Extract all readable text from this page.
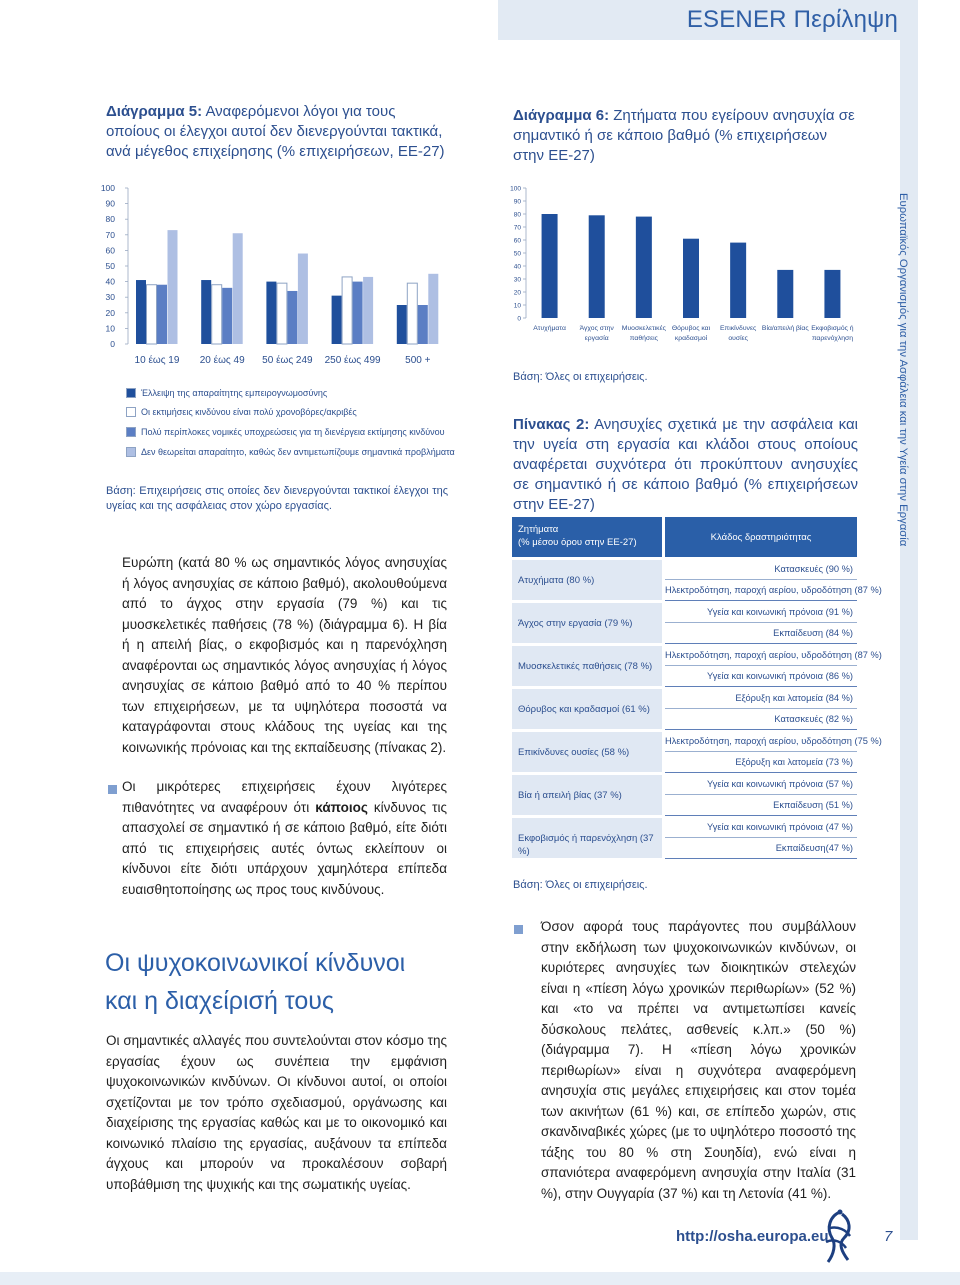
ESENER Περίληψη
Ευρωπαϊκός Οργανισμός για την Ασφάλεια και την Υγεία στην Εργασία
Διάγραμμα 5: Αναφερόμενοι λόγοι για τους οποίους οι έλεγχοι αυτοί δεν διενεργούνται τακτικά, ανά μέγεθος επιχείρησης (% επιχειρήσεων, ΕΕ-27)
100
90
80
70
60
50
40
30
20
10
0
10 έως 19 20 έως 49 50 έως 249 250 έως 499 500 +
Έλλειψη της απαραίτητης εμπειρογνωμοσύνης
Οι εκτιμήσεις κινδύνου είναι πολύ χρονοβόρες/ακριβές
Πολύ περίπλοκες νομικές υποχρεώσεις για τη διενέργεια εκτίμησης κινδύνου
Δεν θεωρείται απαραίτητο, καθώς δεν αντιμετωπίζουμε σημαντικά προβλήματα
Βάση: Επιχειρήσεις στις οποίες δεν διενεργούνται τακτικοί έλεγχοι της υγείας και της ασφάλειας στον χώρο εργασίας.
Ευρώπη (κατά 80 % ως σημαντικός λόγος ανησυχίας ή λόγος ανησυχίας σε κάποιο βαθμό), ακολουθούμενα από το άγχος στην εργασία (79 %) και τις μυοσκελετικές παθήσεις (78 %) (διάγραμμα 6). Η βία ή η απειλή βίας, ο εκφοβισμός και η παρενόχληση αναφέρονται ως σημαντικός λόγος ανησυχίας ή λόγος ανησυχίας σε κάποιο βαθμό από το 40 % περίπου των επιχειρήσεων, με τα υψηλότερα ποσοστά να καταγράφονται στους κλάδους της υγείας και της κοινωνικής πρόνοιας και της εκπαίδευσης (πίνακας 2).
Οι μικρότερες επιχειρήσεις έχουν λιγότερες πιθανότητες να αναφέρουν ότι κάποιος κίνδυνος τις απασχολεί σε σημαντικό ή σε κάποιο βαθμό, είτε διότι από τις επιχειρήσεις αυτές όντως εκλείπουν οι κίνδυνοι είτε διότι υπάρχουν χαμηλότερα επίπεδα ευαισθητοποίησης ως προς τους κινδύνους.
Οι ψυχοκοινωνικοί κίνδυνοι
και η διαχείρισή τους
Οι σημαντικές αλλαγές που συντελούνται στον κόσμο της εργασίας έχουν ως συνέπεια την εμφάνιση ψυχοκοινωνικών κινδύνων. Οι κίνδυνοι αυτοί, οι οποίοι σχετίζονται με τον τρόπο σχεδιασμού, οργάνωσης και διαχείρισης της εργασίας καθώς και με το οικονομικό και κοινωνικό πλαίσιο της εργασίας, αυξάνουν τα επίπεδα άγχους και μπορούν να προκαλέσουν σοβαρή υποβάθμιση της ψυχικής και της σωματικής υγείας.
Διάγραμμα 6: Ζητήματα που εγείρουν ανησυχία σε σημαντικό ή σε κάποιο βαθμό (% επιχειρήσεων στην ΕΕ-27)
100
90
80
70
60
50
40
30
20
10
0
Ατυχήματα Άγχος στην
εργασία
Μυοσκελετικές
παθήσεις
Θόρυβος και
κραδασμοί
Επικίνδυνες
ουσίες
Βία/απειλή βίας Εκφοβισμός ή
παρενόχληση
Βάση: Όλες οι επιχειρήσεις.
Πίνακας 2: Ανησυχίες σχετικά με την ασφάλεια και την υγεία στη εργασία και κλάδοι στους οποίους αναφέρεται συχνότερα ότι προκύπτουν ανησυχίες σε σημαντικό ή σε κάποιο βαθμό (% επιχειρήσεων στην ΕΕ-27)
Ζητήματα
(% μέσου όρου στην ΕΕ-27)	Κλάδος δραστηριότητας
Ατυχήματα (80 %)
Κατασκευές (90 %)
Ηλεκτροδότηση, παροχή αερίου, υδροδότηση (87 %)
Άγχος στην εργασία (79 %)
Υγεία και κοινωνική πρόνοια (91 %)
Εκπαίδευση (84 %)
Μυοσκελετικές παθήσεις (78 %)
Ηλεκτροδότηση, παροχή αερίου, υδροδότηση (87 %)
Υγεία και κοινωνική πρόνοια (86 %)
Θόρυβος και κραδασμοί (61 %)
Εξόρυξη και λατομεία (84 %)
Κατασκευές (82 %)
Επικίνδυνες ουσίες (58 %)
Ηλεκτροδότηση, παροχή αερίου, υδροδότηση (75 %)
Εξόρυξη και λατομεία (73 %)
Βία ή απειλή βίας (37 %)
Υγεία και κοινωνική πρόνοια (57 %)
Εκπαίδευση (51 %)
Εκφοβισμός ή παρενόχληση (37 %)
Υγεία και κοινωνική πρόνοια (47 %)
Εκπαίδευση(47 %)
Βάση: Όλες οι επιχειρήσεις.
Όσον αφορά τους παράγοντες που συμβάλλουν στην εκδήλωση των ψυχοκοινωνικών κινδύνων, οι κυριότερες ανησυχίες των διοικητικών στελεχών είναι η «πίεση λόγω χρονικών περιθωρίων» (52 %) και «το να πρέπει να αντιμετωπίσει κανείς δύσκολους πελάτες, ασθενείς κ.λπ.» (50 %) (διάγραμμα 7). Η «πίεση λόγω χρονικών περιθωρίων» είναι η συχνότερα αναφερόμενη ανησυχία στις μεγάλες επιχειρήσεις και στον τομέα των ακινήτων (61 %) και, σε επίπεδο χωρών, στις σκανδιναβικές χώρες (με το υψηλότερο ποσοστό της τάξης του 80 % στη Σουηδία), ενώ είναι η σπανιότερα αναφερόμενη ανησυχία στην Ιταλία (31 %), στην Ουγγαρία (37 %) και τη Λετονία (41 %).
http://osha.europa.eu	7
